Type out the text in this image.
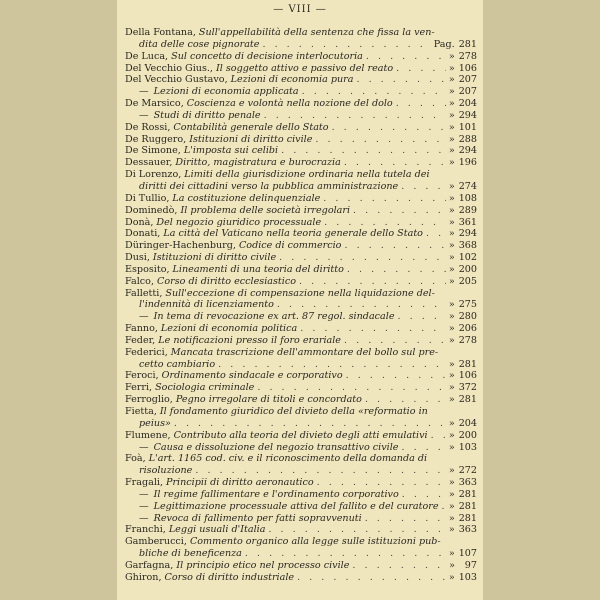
— VIII —
Della Fontana, Sull'appellabilità della sentenza che fissa la ven-
dita delle cose pignorate . . .	Pag. 281
De Luca, Sul concetto di decisione interlocutoria . . .	» 278
Del Vecchio Gius., Il soggetto attivo e passivo del reato . . .	» 106
Del Vecchio Gustavo, Lezioni di economia pura . . .	» 207
— Lezioni di economia applicata . . .	» 207
De Marsico, Coscienza e volontà nella nozione del dolo . . .	» 204
— Studi di diritto penale . . .	» 294
De Rossi, Contabilità generale dello Stato . . .	» 101
De Ruggero, Istituzioni di diritto civile . . .	» 288
De Simone, L'imposta sui celibi . . .	» 294
Dessauer, Diritto, magistratura e burocrazia . . .	» 196
Di Lorenzo, Limiti della giurisdizione ordinaria nella tutela dei
diritti dei cittadini verso la pubblica amministrazione . . .	» 274
Di Tullio, La costituzione delinquenziale . . .	» 108
Dominedò, Il problema delle società irregolari . . .	» 289
Donà, Del negozio giuridico processuale . . .	» 361
Donati, La città del Vaticano nella teoria generale dello Stato . . .	» 294
Düringer-Hachenburg, Codice di commercio . . .	» 368
Dusi, Istituzioni di diritto civile . . .	» 102
Esposito, Lineamenti di una teoria del diritto . . .	» 200
Falco, Corso di diritto ecclesiastico . . .	» 205
Falletti, Sull'eccezione di compensazione nella liquidazione del-
l'indennità di licenziamento . . .	» 275
— In tema di revocazione ex art. 87 regol. sindacale . . .	» 280
Fanno, Lezioni di economia politica . . .	» 206
Feder, Le notificazioni presso il foro erariale . . .	» 278
Federici, Mancata trascrizione dell'ammontare del bollo sul pre-
cetto cambiario . . .	» 281
Feroci, Ordinamento sindacale e corporativo . . .	» 106
Ferri, Sociologia criminale . . .	» 372
Ferroglio, Pegno irregolare di titoli e concordato . . .	» 281
Fietta, Il fondamento giuridico del divieto della «reformatio in
peius» . . .	» 204
Flumene, Contributo alla teoria del divieto degli atti emulativi . . . » 200
— Causa e dissoluzione del negozio transattivo civile . . .	» 103
Foà, L'art. 1165 cod. civ. e il riconoscimento della domanda di
risoluzione . . .	» 272
Fragali, Principii di diritto aeronautico . . .	» 363
— Il regime fallimentare e l'ordinamento corporativo . . .	» 281
— Legittimazione processuale attiva del fallito e del curatore . . . » 281
— Revoca di fallimento per fatti sopravvenuti . . .	» 281
Franchi, Leggi usuali d'Italia . . .	» 363
Gamberucci, Commento organico alla legge sulle istituzioni pub-
bliche di beneficenza . . .	» 107
Garfagna, Il principio etico nel processo civile . . .	» 97
Ghiron, Corso di diritto industriale . . .	» 103
